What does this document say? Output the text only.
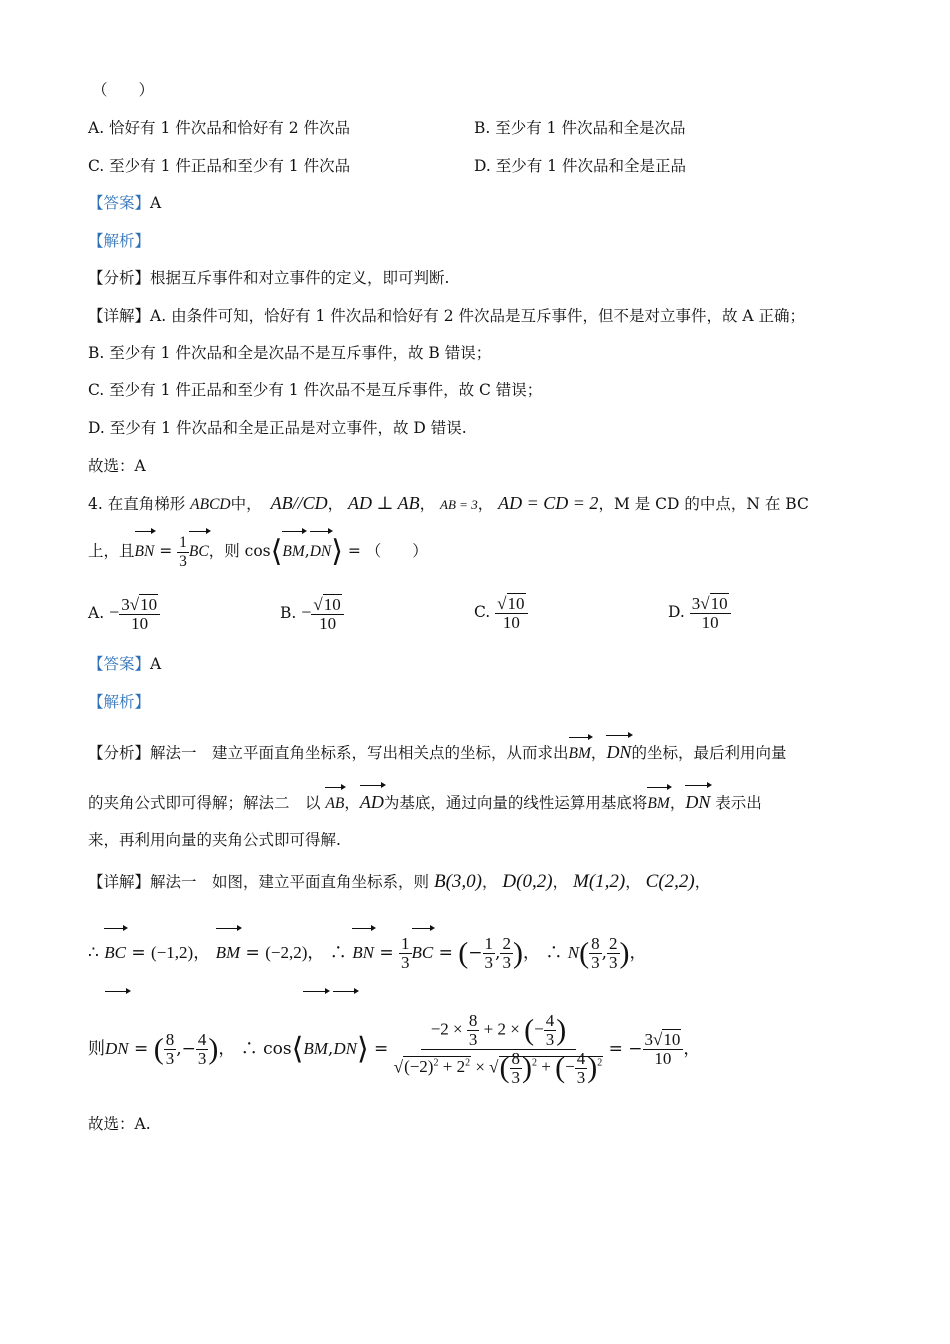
（　　）
A. 恰好有 1 件次品和恰好有 2 件次品	B. 至少有 1 件次品和全是次品
C. 至少有 1 件正品和至少有 1 件次品	D. 至少有 1 件次品和全是正品
【答案】A
【解析】
【分析】根据互斥事件和对立事件的定义，即可判断.
【详解】A. 由条件可知，恰好有 1 件次品和恰好有 2 件次品是互斥事件，但不是对立事件，故 A 正确；
B. 至少有 1 件次品和全是次品不是互斥事件，故 B 错误；
C. 至少有 1 件正品和至少有 1 件次品不是互斥事件，故 C 错误；
D. 至少有 1 件次品和全是正品是对立事件，故 D 错误.
故选：A
4. 在直角梯形 ABCD中， AB//CD， AD ⊥ AB， AB = 3， AD = CD = 2，M 是 CD 的中点，N 在 BC
上，且BN = $\frac{1}{3}$ BC，则 cos⟨BM,DN⟩ = （　　）
A. − $\frac{3√10}{10}$	B. − $\frac{√10}{10}$	C. $\frac{√10}{10}$	D. $\frac{3√10}{10}$
【答案】A
【解析】
【分析】解法一　建立平面直角坐标系，写出相关点的坐标，从而求出BM，DN的坐标，最后利用向量
的夹角公式即可得解；解法二　以 AB，AD为基底，通过向量的线性运算用基底将BM，DN 表示出
来，再利用向量的夹角公式即可得解.
【详解】解法一　如图，建立平面直角坐标系，则 B(3,0)， D(0,2)， M(1,2)， C(2,2)，
∴ BC = (−1,2)， BM = (−2,2)， ∴ BN = $\frac{1}{3}$ BC = (− $\frac{1}{3}$ , $\frac{2}{3}$ )， ∴ $N( \frac{8}{3}$ , $\frac{2}{3}$ )，
则DN = ( $\frac{8}{3}$ ,− $\frac{4}{3}$ )， ∴ cos⟨BM,DN⟩ = $\frac{-2 \times \frac{8}{3} + 2 \times (- \frac{4}{3} )}{√(-2)^2 + 2^2 \times √( \frac{8}{3} )^2 + (- \frac{4}{3} )^2}$ = − $\frac{3√10}{10}$ ，
故选：A.
